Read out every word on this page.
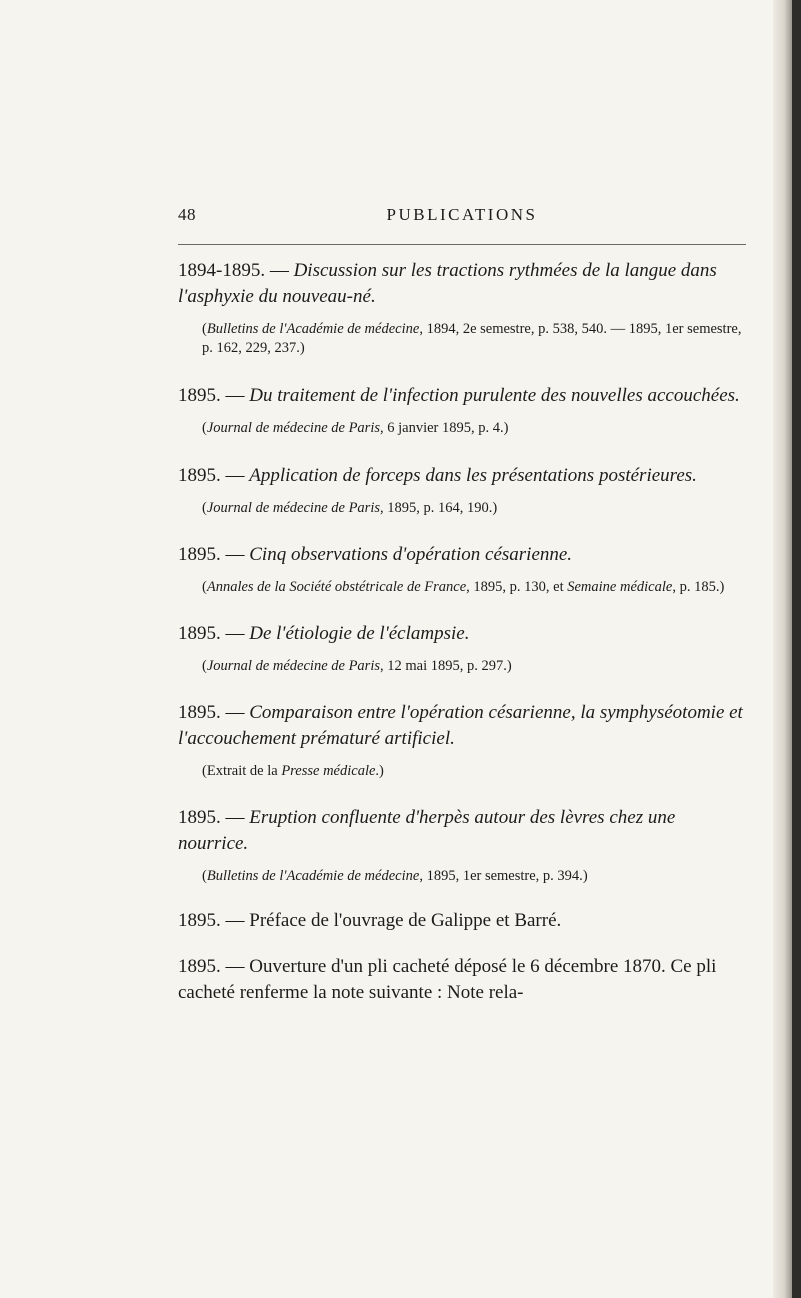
48	PUBLICATIONS

1894-1895. — Discussion sur les tractions rythmées de la langue dans l'asphyxie du nouveau-né.

(Bulletins de l'Académie de médecine, 1894, 2e semestre, p. 538, 540. — 1895, 1er semestre, p. 162, 229, 237.)

1895. — Du traitement de l'infection purulente des nouvelles accouchées.

(Journal de médecine de Paris, 6 janvier 1895, p. 4.)

1895. — Application de forceps dans les présentations postérieures.

(Journal de médecine de Paris, 1895, p. 164, 190.)

1895. — Cinq observations d'opération césarienne.

(Annales de la Société obstétricale de France, 1895, p. 130, et Semaine médicale, p. 185.)

1895. — De l'étiologie de l'éclampsie.

(Journal de médecine de Paris, 12 mai 1895, p. 297.)

1895. — Comparaison entre l'opération césarienne, la symphyséotomie et l'accouchement prématuré artificiel.

(Extrait de la Presse médicale.)

1895. — Eruption confluente d'herpès autour des lèvres chez une nourrice.

(Bulletins de l'Académie de médecine, 1895, 1er semestre, p. 394.)

1895. — Préface de l'ouvrage de Galippe et Barré.

1895. — Ouverture d'un pli cacheté déposé le 6 décembre 1870. Ce pli cacheté renferme la note suivante : Note rela-
